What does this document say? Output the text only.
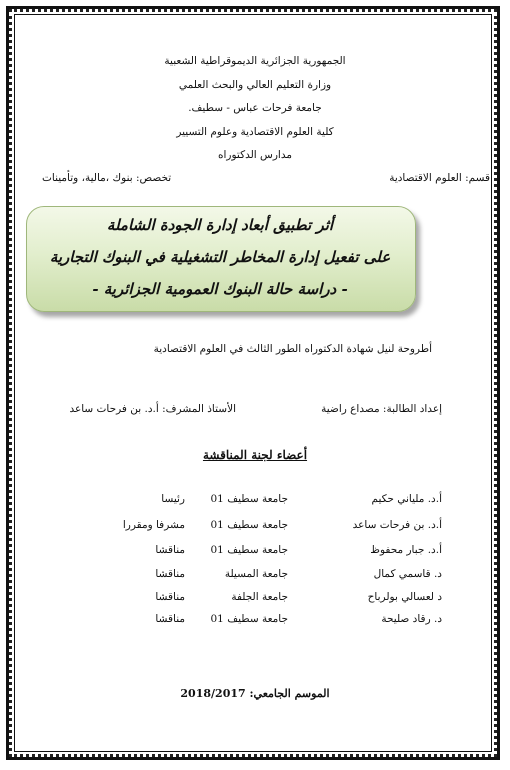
الجمهورية الجزائرية الديموقراطية الشعبية
وزارة التعليم العالي والبحث العلمي
جامعة فرحات عباس - سطيف.
كلية العلوم الاقتصادية وعلوم التسيير
مدارس الدكتوراه
قسم: العلوم الاقتصادية
تخصص: بنوك ،مالية، وتأمينات
أثر تطبيق أبعاد إدارة الجودة الشاملة
على تفعيل إدارة المخاطر التشغيلية في البنوك التجارية
- دراسة حالة البنوك العمومية الجزائرية -
أطروحة لنيل شهادة الدكتوراه الطور الثالث في العلوم الاقتصادية
إعداد الطالبة: مصداع راضية
الأستاذ المشرف: أ.د. بن فرحات ساعد
أعضاء لجنة المناقشة
أ.د. ملياني حكيم
جامعة سطيف 01
رئيسا
أ.د. بن فرحات ساعد
جامعة سطيف 01
مشرفا ومقررا
أ.د. جبار محفوظ
جامعة سطيف 01
مناقشا
د. قاسمي كمال
جامعة المسيلة
مناقشا
د لعسالي بولرباح
جامعة الجلفة
مناقشا
د. رقاد صليحة
جامعة سطيف 01
مناقشا
الموسم الجامعي: 2018/2017
